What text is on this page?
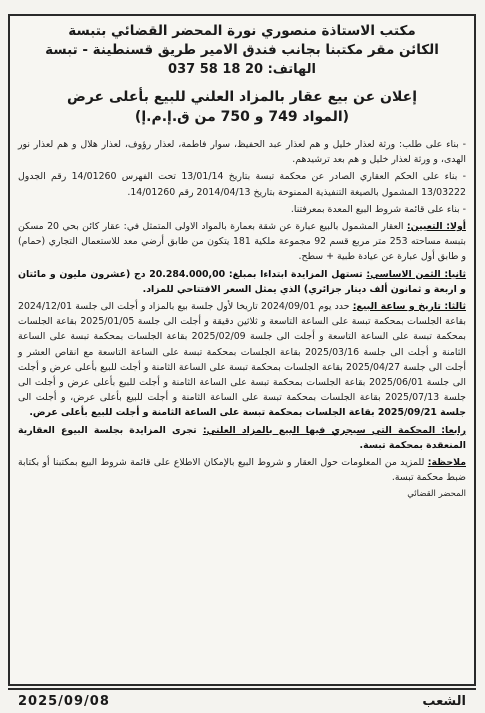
مكتب الاستاذة منصوري نورة المحضر القضائي بتبسة

الكائن مقر مكتبنا بجانب فندق الامير طريق قسنطينة - تبسة

الهاتف: 20 18 58 037

إعلان عن بيع عقار بالمزاد العلني للبيع بأعلى عرض

(المواد 749 و 750 من ق.إ.م.إ)

- بناء على طلب: ورثة لعذار خليل و هم لعذار عبد الحفيظ، سوار فاطمة، لعذار رؤوف، لعذار هلال و هم لعذار نور الهدى، و ورثة لعذار خليل و هم بعد ترشيدهم.

- بناء على الحكم العقاري الصادر عن محكمة تبسة بتاريخ 13/01/14 تحت الفهرس 14/01260 رقم الجدول 13/03222 المشمول بالصيغة التنفيذية الممنوحة بتاريخ 2014/04/13 رقم 14/01260.

- بناء على قائمة شروط البيع المعدة بمعرفتنا.

أولا: التعيين: العقار المشمول بالبيع عبارة عن شقة بعمارة بالمواد الاولى المتمثل في: عقار كائن بحي 20 مسكن بتبسة مساحته 253 متر مربع قسم 92 مجموعة ملكية 181 يتكون من طابق أرضي معد للاستعمال التجاري (حمام) و طابق أول عبارة عن عيادة طبية + سطح.

ثانيا: الثمن الاساسي: تستهل المزايدة ابتداءا بمبلغ: 20.284.000,00 دج (عشرون مليون و مائتان و اربعة و ثمانون ألف دينار جزائري) الذي يمثل السعر الافتتاحي للمزاد.

ثالثا: تاريخ و ساعة البيع: حدد يوم 2024/09/01 تاريخا لأول جلسة بيع بالمزاد و أجلت الى جلسة 2024/12/01 بقاعة الجلسات بمحكمة تبسة على الساعة التاسعة و ثلاثين دقيقة و أجلت الى جلسة 2025/01/05 بقاعة الجلسات بمحكمة تبسة على الساعة التاسعة و أجلت الى جلسة 2025/02/09 بقاعة الجلسات بمحكمة تبسة على الساعة الثامنة و أجلت الى جلسة 2025/03/16 بقاعة الجلسات بمحكمة تبسة على الساعة التاسعة مع انقاص العشر و أجلت الى جلسة 2025/04/27 بقاعة الجلسات بمحكمة تبسة على الساعة الثامنة و أجلت للبيع بأعلى عرض و أجلت الى جلسة 2025/06/01 بقاعة الجلسات بمحكمة تبسة على الساعة الثامنة و أجلت للبيع بأعلى عرض و أجلت الى جلسة 2025/07/13 بقاعة الجلسات بمحكمة تبسة على الساعة الثامنة و أجلت للبيع بأعلى عرض، و أجلت الى جلسة 2025/09/21 بقاعة الجلسات بمحكمة تبسة على الساعة الثامنة و أجلت للبيع بأعلى عرض.

رابعا: المحكمة التي سيجري فيها البيع بالمزاد العلني: تجرى المزايدة بجلسة البيوع العقارية المنعقدة بمحكمة تبسة.

ملاحظة: للمزيد من المعلومات حول العقار و شروط البيع بالإمكان الاطلاع على قائمة شروط البيع بمكتبنا أو بكتابة ضبط محكمة تبسة.

المحضر القضائي
الشعب
2025/09/08
